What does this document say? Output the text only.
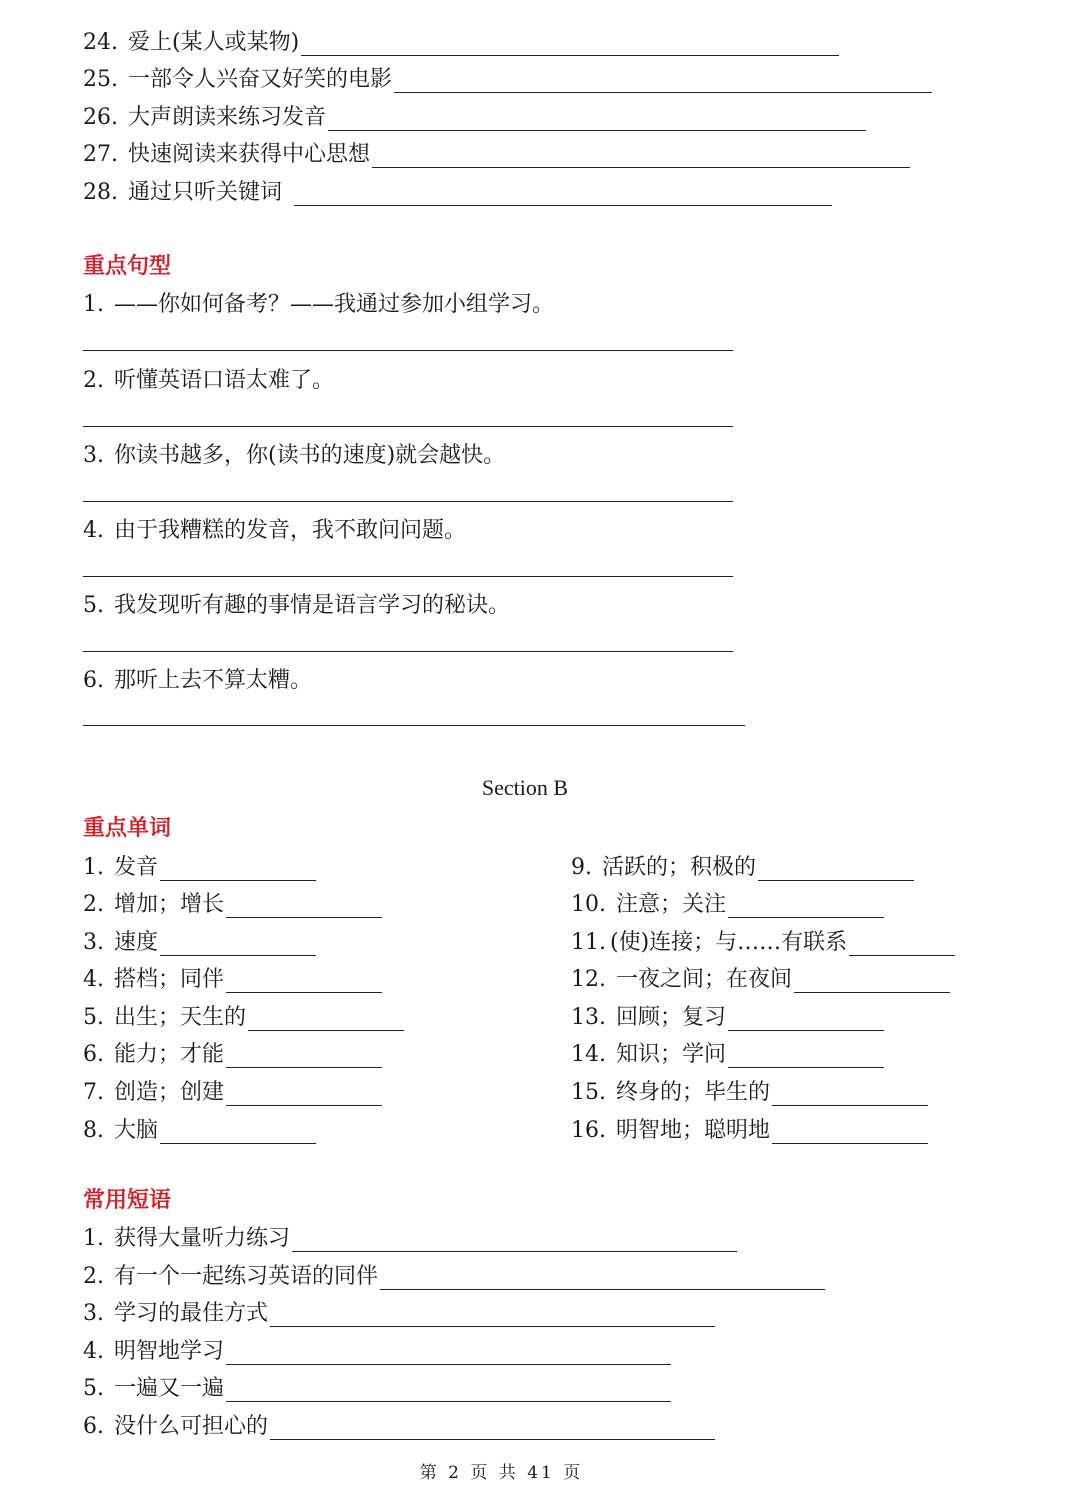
24. 爱上(某人或某物)
25. 一部令人兴奋又好笑的电影
26. 大声朗读来练习发音
27. 快速阅读来获得中心思想
28. 通过只听关键词
重点句型
1. ——你如何备考？——我通过参加小组学习。
2. 听懂英语口语太难了。
3. 你读书越多，你(读书的速度)就会越快。
4. 由于我糟糕的发音，我不敢问问题。
5. 我发现听有趣的事情是语言学习的秘诀。
6. 那听上去不算太糟。
Section B
重点单词
1. 发音
2. 增加；增长
3. 速度
4. 搭档；同伴
5. 出生；天生的
6. 能力；才能
7. 创造；创建
8. 大脑
9. 活跃的；积极的
10. 注意；关注
11. (使)连接；与……有联系
12. 一夜之间；在夜间
13. 回顾；复习
14. 知识；学问
15. 终身的；毕生的
16. 明智地；聪明地
常用短语
1. 获得大量听力练习
2. 有一个一起练习英语的同伴
3. 学习的最佳方式
4. 明智地学习
5. 一遍又一遍
6. 没什么可担心的
第 2 页 共 41 页
